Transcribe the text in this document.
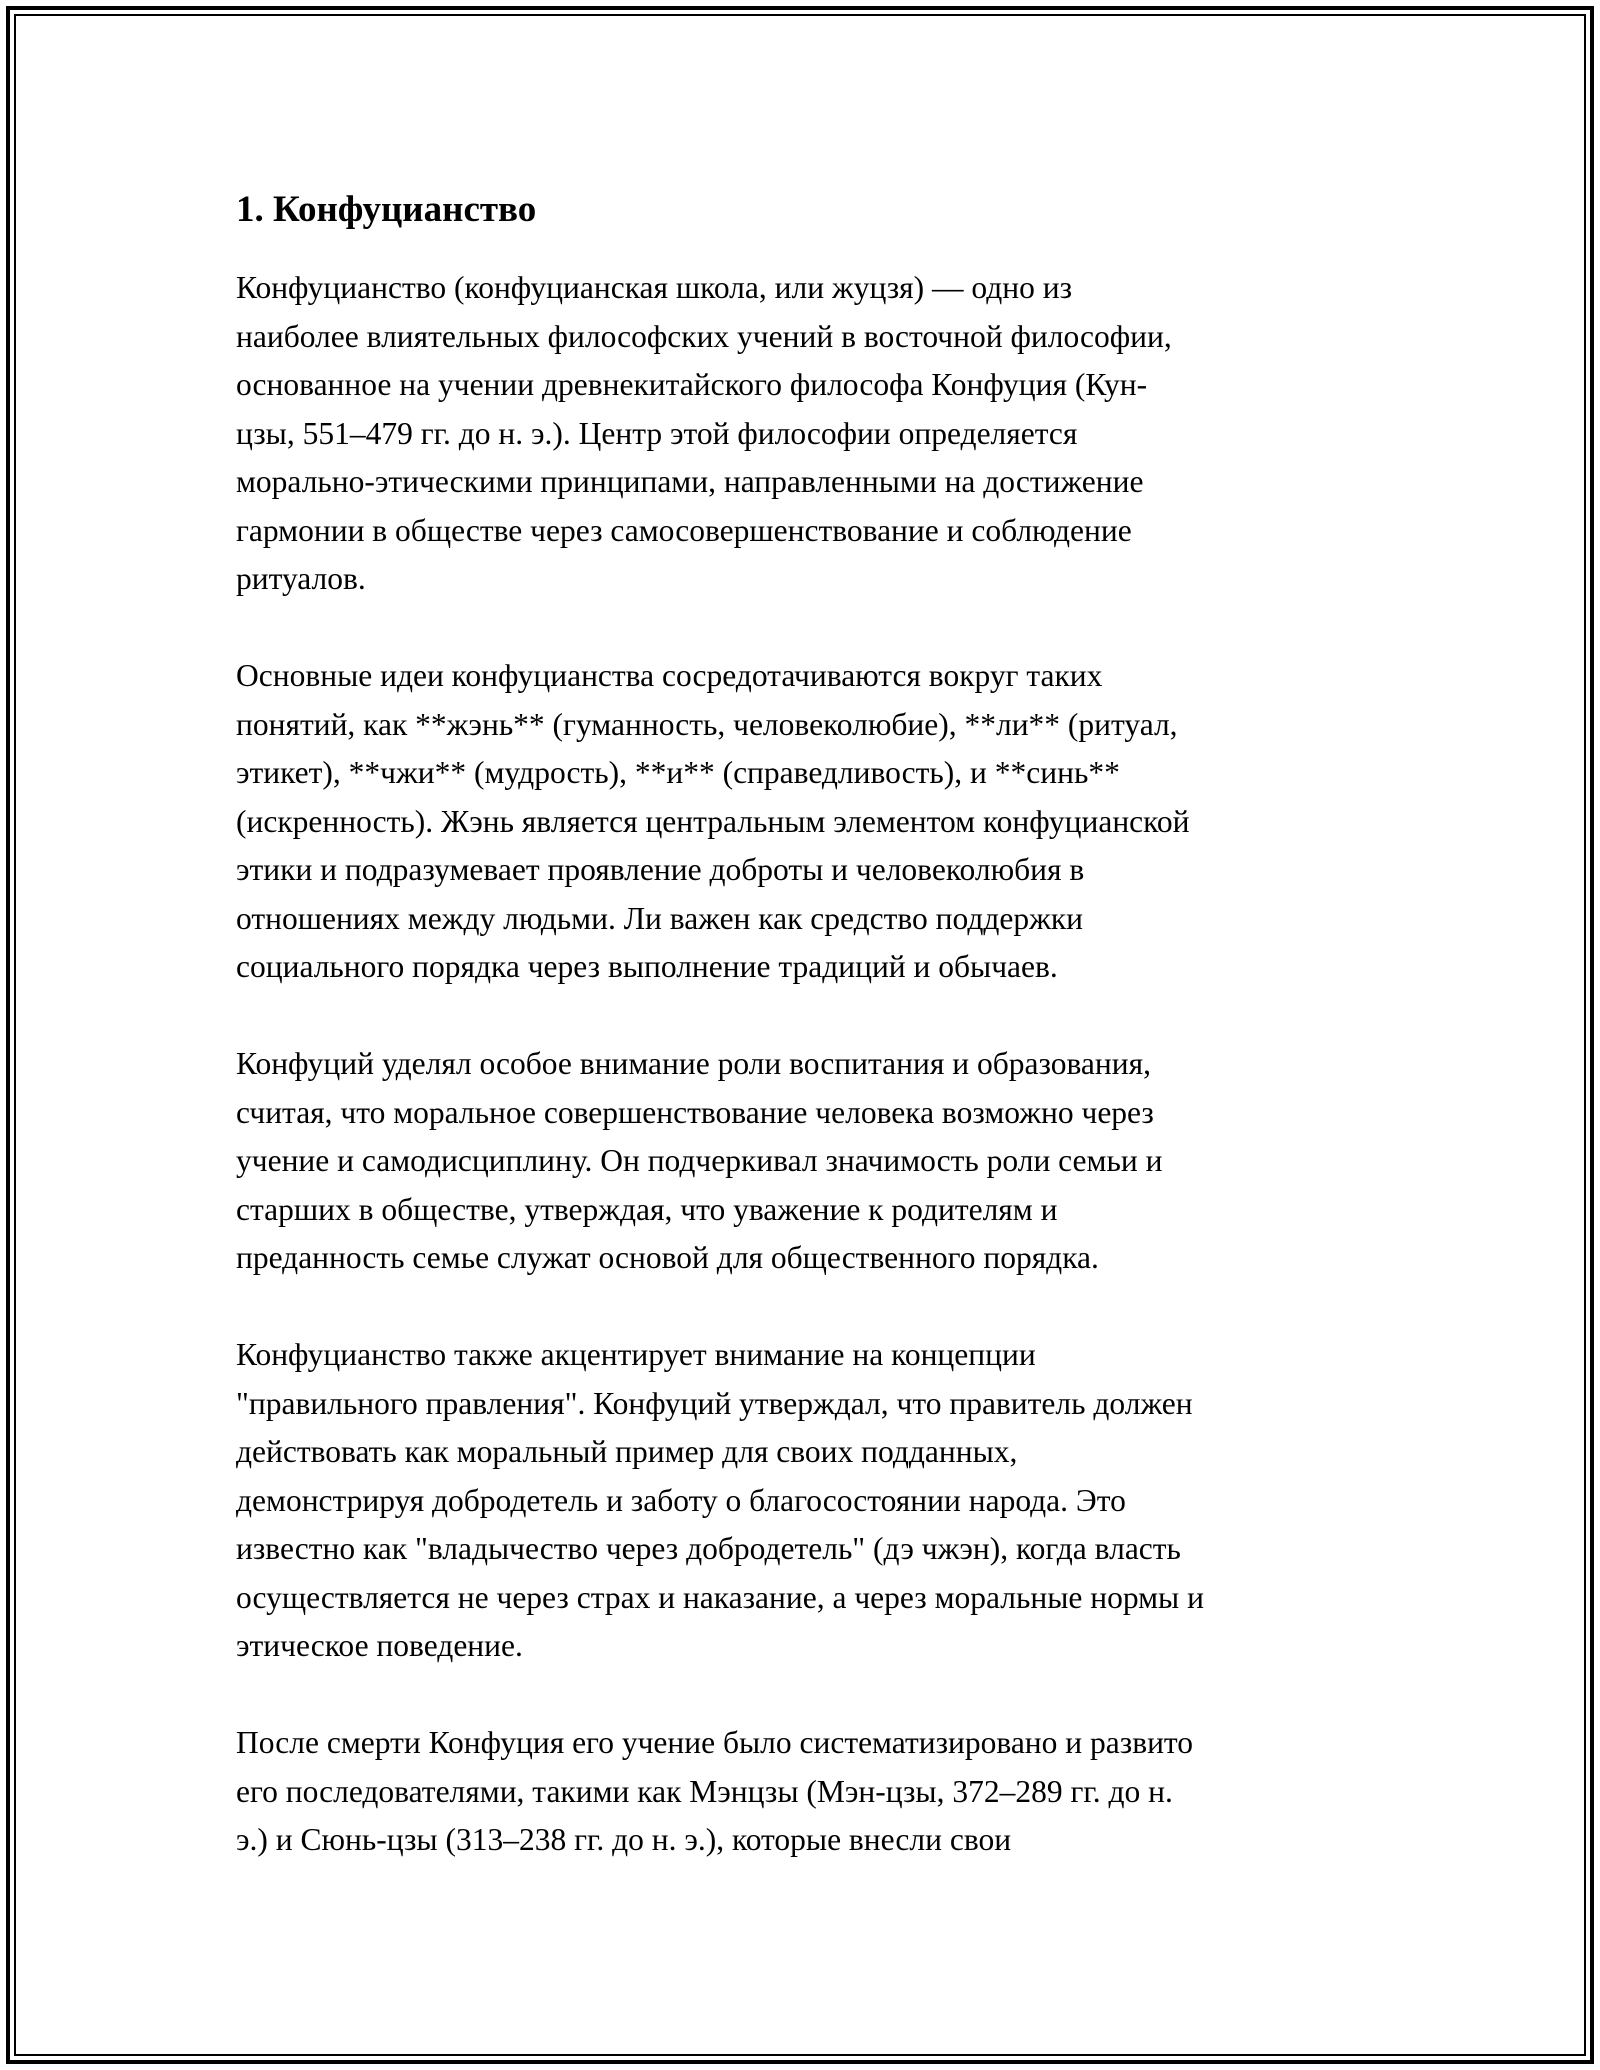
1. Конфуцианство

Конфуцианство (конфуцианская школа, или жуцзя) — одно из
наиболее влиятельных философских учений в восточной философии,
основанное на учении древнекитайского философа Конфуция (Кун-
цзы, 551–479 гг. до н. э.). Центр этой философии определяется
морально-этическими принципами, направленными на достижение
гармонии в обществе через самосовершенствование и соблюдение
ритуалов.

Основные идеи конфуцианства сосредотачиваются вокруг таких
понятий, как **жэнь** (гуманность, человеколюбие), **ли** (ритуал,
этикет), **чжи** (мудрость), **и** (справедливость), и **синь**
(искренность). Жэнь является центральным элементом конфуцианской
этики и подразумевает проявление доброты и человеколюбия в
отношениях между людьми. Ли важен как средство поддержки
социального порядка через выполнение традиций и обычаев.

Конфуций уделял особое внимание роли воспитания и образования,
считая, что моральное совершенствование человека возможно через
учение и самодисциплину. Он подчеркивал значимость роли семьи и
старших в обществе, утверждая, что уважение к родителям и
преданность семье служат основой для общественного порядка.

Конфуцианство также акцентирует внимание на концепции
"правильного правления". Конфуций утверждал, что правитель должен
действовать как моральный пример для своих подданных,
демонстрируя добродетель и заботу о благосостоянии народа. Это
известно как "владычество через добродетель" (дэ чжэн), когда власть
осуществляется не через страх и наказание, а через моральные нормы и
этическое поведение.

После смерти Конфуция его учение было систематизировано и развито
его последователями, такими как Мэнцзы (Мэн-цзы, 372–289 гг. до н.
э.) и Сюнь-цзы (313–238 гг. до н. э.), которые внесли свои
